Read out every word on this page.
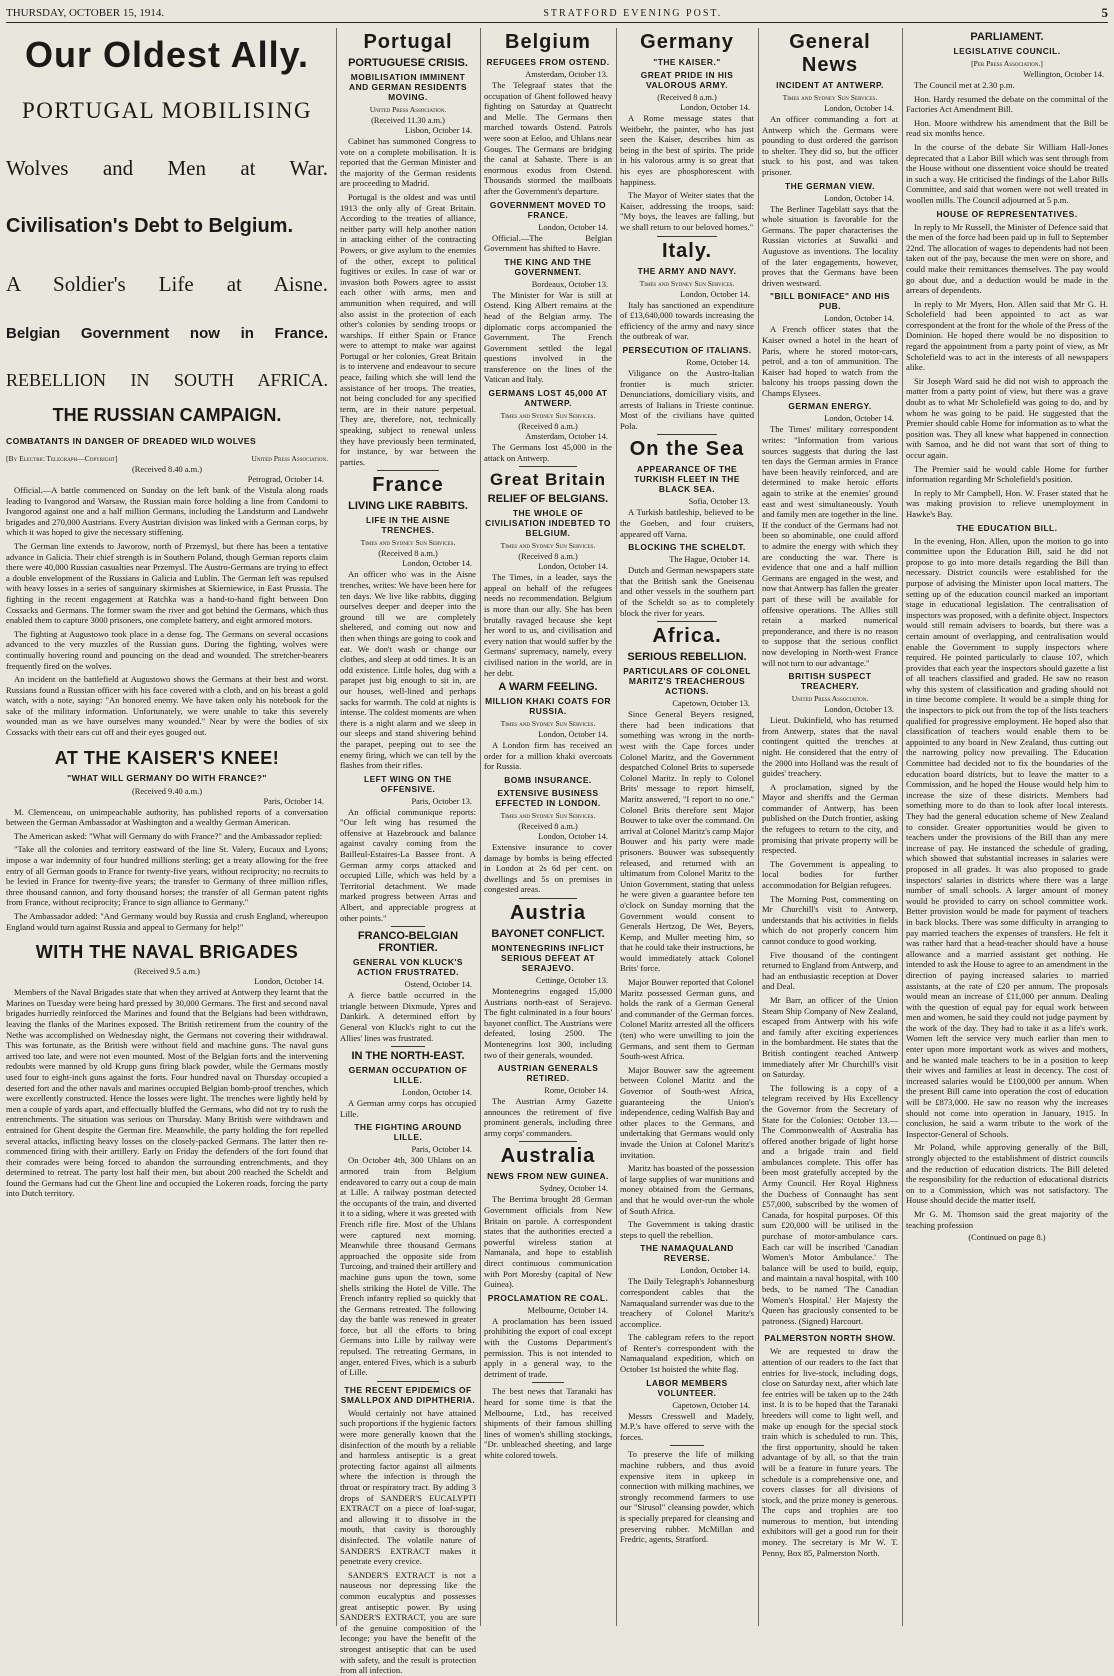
THURSDAY, OCTOBER 15, 1914.	STRATFORD EVENING POST.	5

Our Oldest Ally.

PORTUGAL MOBILISING

Wolves and Men at War.

Civilisation's Debt to Belgium.

A Soldier's Life at Aisne.

Belgian Government now in France.

REBELLION IN SOUTH AFRICA.

THE RUSSIAN CAMPAIGN.

COMBATANTS IN DANGER OF DREADED WILD WOLVES
[By Electric Telegraph—Copyright]	United Press Association.
(Received 8.40 a.m.)
Petrograd, October 14.

Official.—A battle commenced on Sunday on the left bank of the Vistula along roads leading to Ivangorod and Warsaw, the Russian main force holding a line from Candomi to Ivangorod against one and a half million Germans, including the Landsturm and Landwehr brigades and 270,000 Austrians. Every Austrian division was linked with a German corps, by which it was hoped to give the necessary stiffening.

The German line extends to Jaworow, north of Przemysl, but there has been a tentative advance in Galicia. Their chief strength is in Southern Poland, though German reports claim there were 40,000 Russian casualties near Przemysl. The Austro-Germans are trying to effect a double envelopment of the Russians in Galicia and Lublin. The German left was repulsed with heavy losses in a series of sanguinary skirmishes at Skierniewice, in East Prussia. The fighting in the recent engagement at Ratchka was a hand-to-hand fight between Don Cossacks and Germans. The former swam the river and got behind the Germans, which thus enabled them to capture 3000 prisoners, one complete battery, and eight armored motors.

The fighting at Augustowo took place in a dense fog. The Germans on several occasions advanced to the very muzzles of the Russian guns. During the fighting, wolves were continually hovering round and pouncing on the dead and wounded. The stretcher-bearers frequently fired on the wolves.

An incident on the battlefield at Augustowo shows the Germans at their best and worst. Russians found a Russian officer with his face covered with a cloth, and on his breast a gold watch, with a note, saying: "An honored enemy. We have taken only his notebook for the sake of the military information. Unfortunately, we were unable to take this severely wounded man as we have ourselves many wounded." Near by were the bodies of six Cossacks with their ears cut off and their eyes gouged out.

AT THE KAISER'S KNEE!
"WHAT WILL GERMANY DO WITH FRANCE?"
(Received 9.40 a.m.)
Paris, October 14.

M. Clemenceau, on unimpeachable authority, has published reports of a conversation between the German Ambassador at Washington and a wealthy German American.

The American asked: "What will Germany do with France?" and the Ambassador replied:

"Take all the colonies and territory eastward of the line St. Valery, Eucaux and Lyons; impose a war indemnity of four hundred millions sterling; get a treaty allowing for the free entry of all German goods to France for twenty-five years, without reciprocity; no recruits to be levied in France for twenty-five years; the transfer to Germany of three million rifles, three thousand cannon, and forty thousand horses; the transfer of all German patent rights from France, without reciprocity; France to sign alliance to Germany."

The Ambassador added: "And Germany would buy Russia and crush England, whereupon England would turn against Russia and appeal to Germany for help!"

WITH THE NAVAL BRIGADES
(Received 9.5 a.m.)
London, October 14.

Members of the Naval Brigades state that when they arrived at Antwerp they learnt that the Marines on Tuesday were being hard pressed by 30,000 Germans. The first and second naval brigades hurriedly reinforced the Marines and found that the Belgians had been withdrawn, leaving the flanks of the Marines exposed. The British retirement from the country of the Nethe was accomplished on Wednesday night, the Germans not covering their withdrawal. This was fortunate, as the British were without field and machine guns. The naval guns arrived too late, and were not even mounted. Most of the Belgian forts and the intervening redoubts were manned by old Krupp guns firing black powder, while the Germans mostly used four to eight-inch guns against the forts. Four hundred naval on Thursday occupied a deserted fort and the other navals and marines occupied Belgian bomb-proof trenches, which were excellently constructed. Hence the losses were light. The trenches were lightly held by men a couple of yards apart, and effectually bluffed the Germans, who did not try to rush the entrenchments. The situation was serious on Thursday. Many British were withdrawn and entrained for Ghent despite the German fire. Meanwhile, the party holding the fort repelled several attacks, inflicting heavy losses on the closely-packed Germans. The latter then re-commenced firing with their artillery. Early on Friday the defenders of the fort found that their comrades were being forced to abandon the surrounding entrenchments, and they determined to retreat. The party lost half their men, but about 200 reached the Scheldt and found the Germans had cut the Ghent line and occupied the Lokeren roads, forcing the party into Dutch territory.

Portugal
PORTUGUESE CRISIS.
MOBILISATION IMMINENT AND GERMAN RESIDENTS MOVING.
United Press Association.
(Received 11.30 a.m.)
Lisbon, October 14.

Cabinet has summoned Congress to vote on a complete mobilisation. It is reported that the German Minister and the majority of the German residents are proceeding to Madrid.

Portugal is the oldest and was until 1913 the only ally of Great Britain. According to the treaties of alliance, neither party will help another nation in attacking either of the contracting Powers, or give asylum to the enemies of the other, except to political fugitives or exiles. In case of war or invasion both Powers agree to assist each other with arms, men and ammunition when required, and will also assist in the protection of each other's colonies by sending troops or warships. If either Spain or France were to attempt to make war against Portugal or her colonies, Great Britain is to intervene and endeavour to secure peace, failing which she will lend the assistance of her troops. The treaties, not being concluded for any specified term, are in their nature perpetual. They are, therefore, not, technically speaking, subject to renewal unless they have previously been terminated, for instance, by war between the parties.

France
LIVING LIKE RABBITS.
LIFE IN THE AISNE TRENCHES.
Times and Sydney Sun Services.
(Received 8 a.m.)
London, October 14.

An officer who was in the Aisne trenches, writes: We have been here for ten days. We live like rabbits, digging ourselves deeper and deeper into the ground till we are completely sheltered, and coming out now and then when things are going to cook and eat. We don't wash or change our clothes, and sleep at odd times. It is an odd existence. Little holes, dug with a parapet just big enough to sit in, are our houses, well-lined and perhaps sacks for warmth. The cold at nights is intense. The coldest moments are when there is a night alarm and we sleep in our sleeps and stand shivering behind the parapet, peeping out to see the enemy firing, which we can tell by the flashes from their rifles.

LEFT WING ON THE OFFENSIVE.
Paris, October 13.

An official communique reports: "Our left wing has resumed the offensive at Hazebrouck and balance against cavalry coming from the Bailleul-Estaires-La Bassee front. A German army corps attacked and occupied Lille, which was held by a Territorial detachment. We made marked progress between Arras and Albert, and appreciable progress at other points."

FRANCO-BELGIAN FRONTIER.
GENERAL VON KLUCK'S ACTION FRUSTRATED.
Ostend, October 14.

A fierce battle occurred in the triangle between Dixmude, Ypres and Dankirk. A determined effort by General von Kluck's right to cut the Allies' lines was frustrated.

IN THE NORTH-EAST.
GERMAN OCCUPATION OF LILLE.
London, October 14.

A German army corps has occupied Lille.

THE FIGHTING AROUND LILLE.
Paris, October 14.

On October 4th, 300 Uhlans on an armored train from Belgium endeavored to carry out a coup de main at Lille. A railway postman detected the occupants of the train, and diverted it to a siding, where it was greeted with French rifle fire. Most of the Uhlans were captured next morning. Meanwhile three thousand Germans approached the opposite side from Turcoing, and trained their artillery and machine guns upon the town, some shells striking the Hotel de Ville. The French infantry replied so quickly that the Germans retreated. The following day the battle was renewed in greater force, but all the efforts to bring Germans into Lille by railway were repulsed. The retreating Germans, in anger, entered Fives, which is a suburb of Lille.

THE RECENT EPIDEMICS OF SMALLPOX AND DIPHTHERIA.

Would certainly not have attained such proportions if the hygienic factors were more generally known that the disinfection of the mouth by a reliable and harmless antiseptic is a great protecting factor against all ailments where the infection is through the throat or respiratory tract. By adding 3 drops of SANDER'S EUCALYPTI EXTRACT on a piece of loaf-sugar, and allowing it to dissolve in the mouth, that cavity is thoroughly disinfected. The volatile nature of SANDER'S EXTRACT makes it penetrate every crevice.

SANDER'S EXTRACT is not a nauseous nor depressing like the common eucalyptus and possesses great antiseptic power. By using SANDER'S EXTRACT, you are sure of the genuine composition of the Ieconge; you have the benefit of the strongest antiseptic that can be used with safety, and the result is protection from all infection.

Belgium
REFUGEES FROM OSTEND.
Amsterdam, October 13.

The Telegraaf states that the occupation of Ghent followed heavy fighting on Saturday at Quatrecht and Melle. The Germans then marched towards Ostend. Patrols were soon at Eeloo, and Uhlans near Gouges. The Germans are bridging the canal at Sabaste. There is an enormous exodus from Ostend. Thousands stormed the mailboats after the Government's departure.

GOVERNMENT MOVED TO FRANCE.
London, October 14.

Official.—The Belgian Government has shifted to Havre.

THE KING AND THE GOVERNMENT.
Bordeaux, October 13.

The Minister for War is still at Ostend. King Albert remains at the head of the Belgian army. The diplomatic corps accompanied the Government. The French Government settled the legal questions involved in the transference on the lines of the Vatican and Italy.

GERMANS LOST 45,000 AT ANTWERP.
Times and Sydney Sun Services.
(Received 8 a.m.)
Amsterdam, October 14.

The Germans lost 45,000 in the attack on Antwerp.

Great Britain
RELIEF OF BELGIANS.
THE WHOLE OF CIVILISATION INDEBTED TO BELGIUM.
Times and Sydney Sun Services.
(Received 8 a.m.)
London, October 14.

The Times, in a leader, says the appeal on behalf of the refugees needs no recommendation. Belgium is more than our ally. She has been brutally ravaged because she kept her word to us, and civilisation and every nation that would suffer by the Germans' supremacy, namely, every civilised nation in the world, are in her debt.

A WARM FEELING.
MILLION KHAKI COATS FOR RUSSIA.
Times and Sydney Sun Services.
London, October 14.

A London firm has received an order for a million khaki overcoats for Russia.

BOMB INSURANCE.
EXTENSIVE BUSINESS EFFECTED IN LONDON.
Times and Sydney Sun Services.
(Received 8 a.m.)
London, October 14.

Extensive insurance to cover damage by bombs is being effected in London at 2s 6d per cent. on dwellings and 5s on premises in congested areas.

Austria
BAYONET CONFLICT.
MONTENEGRINS INFLICT SERIOUS DEFEAT AT SERAJEVO.
Cettinge, October 13.

Montenegrins engaged 15,000 Austrians north-east of Serajevo. The fight culminated in a four hours' bayonet conflict. The Austrians were defeated, losing 2500. The Montenegrins lost 300, including two of their generals, wounded.

AUSTRIAN GENERALS RETIRED.
Rome, October 14.

The Austrian Army Gazette announces the retirement of five prominent generals, including three army corps' commanders.

Australia
NEWS FROM NEW GUINEA.
Sydney, October 14.

The Berrima brought 28 German Government officials from New Britain on parole. A correspondent states that the authorities erected a powerful wireless station at Namanala, and hope to establish direct continuous communication with Port Moresby (capital of New Guinea).

PROCLAMATION RE COAL.
Melbourne, October 14.

A proclamation has been issued prohibiting the export of coal except with the Customs Department's permission. This is not intended to apply in a general way, to the detriment of trade.

The best news that Taranaki has heard for some time is that the Melbourne, Ltd., has received shipments of their famous shilling lines of women's shilling stockings, "Dr. unbleached sheeting, and large white colored towels.

Germany
"THE KAISER."
GREAT PRIDE IN HIS VALOROUS ARMY.
(Received 8 a.m.)
London, October 14.

A Rome message states that Weitbehr, the painter, who has just seen the Kaiser, describes him as being in the best of spirits. The pride in his valorous army is so great that his eyes are phosphorescent with happiness.

The Mayor of Weiter states that the Kaiser, addressing the troops, said: "My boys, the leaves are falling, but we shall return to our beloved homes."

Italy.
THE ARMY AND NAVY.
Times and Sydney Sun Services.
London, October 14.

Italy has sanctioned an expenditure of £13,640,000 towards increasing the efficiency of the army and navy since the outbreak of war.

PERSECUTION OF ITALIANS.
Rome, October 14.

Viligance on the Austro-Italian frontier is much stricter. Denunciations, domiciliary visits, and arrests of Italians in Trieste continue. Most of the civilians have quitted Pola.

On the Sea
APPEARANCE OF THE TURKISH FLEET IN THE BLACK SEA.
Sofia, October 13.

A Turkish battleship, believed to be the Goeben, and four cruisers, appeared off Varna.

BLOCKING THE SCHELDT.
The Hague, October 14.

Dutch and German newspapers state that the British sank the Gneisenau and other vessels in the southern part of the Scheldt so as to completely block the river for years.

Africa.
SERIOUS REBELLION.
PARTICULARS OF COLONEL MARITZ'S TREACHEROUS ACTIONS.
Capetown, October 13.

Since General Beyers resigned, there had been indications that something was wrong in the north-west with the Cape forces under Colonel Maritz, and the Government despatched Colonel Brits to supersede Colonel Maritz. In reply to Colonel Brits' message to report himself, Maritz answered, "I report to no one." Colonel Brits therefore sent Major Bouwer to take over the command. On arrival at Colonel Maritz's camp Major Bouwer and his party were made prisoners. Bouwer was subsequently released, and returned with an ultimatum from Colonel Maritz to the Union Government, stating that unless he were given a guarantee before ten o'clock on Sunday morning that the Government would consent to Generals Hertzog, De Wet, Beyers, Kemp, and Muller meeting him, so that he could take their instructions, he would immediately attack Colonel Brits' force.

Major Bouwer reported that Colonel Maritz possessed German guns, and holds the rank of a German General and commander of the German forces. Colonel Maritz arrested all the officers (ten) who were unwilling to join the Germans, and sent them to German South-west Africa.

Major Bouwer saw the agreement between Colonel Maritz and the Governor of South-west Africa, guaranteeing the Union's independence, ceding Walfish Bay and other places to the Germans, and undertaking that Germans would only invade the Union at Colonel Maritz's invitation.

Maritz has boasted of the possession of large supplies of war munitions and money obtained from the Germans, and that he would over-run the whole of South Africa.

The Government is taking drastic steps to quell the rebellion.

THE NAMAQUALAND REVERSE.
London, October 14.

The Daily Telegraph's Johannesburg correspondent cables that the Namaqualand surrender was due to the treachery of Colonel Maritz's accomplice.

The cablegram refers to the report of Renter's correspondent with the Namaqualand expedition, which on October 1st hoisted the white flag.

LABOR MEMBERS VOLUNTEER.
Capetown, October 14.

Messrs Cresswell and Madely, M.P.'s have offered to serve with the forces.

To preserve the life of milking machine rubbers, and thus avoid expensive item in upkeep in connection with milking machines, we strongly recommend farmers to use our "Sirusol" cleansing powder, which is specially prepared for cleansing and preserving rubber. McMillan and Fredric, agents, Stratford.

General News
INCIDENT AT ANTWERP.
Times and Sydney Sun Services.
London, October 14.

An officer commanding a fort at Antwerp which the Germans were pounding to dust ordered the garrison to shelter. They did so, but the officer stuck to his post, and was taken prisoner.

THE GERMAN VIEW.
London, October 14.

The Berliner Tageblatt says that the whole situation is favorable for the Germans. The paper characterises the Russian victories at Suwalki and Augustove as inventions. The locality of the later engagements, however, proves that the Germans have been driven westward.

"BILL BONIFACE" AND HIS PUB.
London, October 14.

A French officer states that the Kaiser owned a hotel in the heart of Paris, where he stored motor-cars, petrol, and a ton of ammunition. The Kaiser had hoped to watch from the balcony his troops passing down the Champs Elysees.

GERMAN ENERGY.
London, October 14.

The Times' military correspondent writes: "Information from various sources suggests that during the last ten days the German armies in France have been heavily reinforced, and are determined to make heroic efforts again to strike at the enemies' ground east and west simultaneously. Youth and family men are together in the line. If the conduct of the Germans had not been so abominable, one could afford to admire the energy with which they are conducting the war. There is evidence that one and a half million Germans are engaged in the west, and now that Antwerp has fallen the greater part of these will be available for offensive operations. The Allies still retain a marked numerical preponderance, and there is no reason to suppose that the serious conflict now developing in North-west France will not turn to our advantage."

BRITISH SUSPECT TREACHERY.
United Press Association.
London, October 13.

Lieut. Dukinfield, who has returned from Antwerp, states that the naval contingent quitted the trenches at night. He considered that the entry of the 2000 into Holland was the result of guides' treachery.

A proclamation, signed by the Mayor and sheriffs and the German commander of Antwerp, has been published on the Dutch frontier, asking the refugees to return to the city, and promising that private property will be respected.

The Government is appealing to local bodies for further accommodation for Belgian refugees.

The Morning Post, commenting on Mr Churchill's visit to Antwerp, understands that his activities in fields which do not properly concern him cannot conduce to good working.

Five thousand of the contingent returned to England from Antwerp, and had an enthusiastic reception at Dover and Deal.

Mr Barr, an officer of the Union Steam Ship Company of New Zealand, escaped from Antwerp with his wife and family after exciting experiences in the bombardment. He states that the British contingent reached Antwerp immediately after Mr Churchill's visit on Saturday.

The following is a copy of a telegram received by His Excellency the Governor from the Secretary of State for the Colonies: October 13.—The Commonwealth of Australia has offered another brigade of light horse and a brigade train and field ambulances complete. This offer has been most gratefully accepted by the Army Council. Her Royal Highness the Duchess of Connaught has sent £57,000, subscribed by the women of Canada, for hospital purposes. Of this sum £20,000 will be utilised in the purchase of motor-ambulance cars. Each car will be inscribed 'Canadian Women's Motor Ambulance.' The balance will be used to build, equip, and maintain a naval hospital, with 100 beds, to be named 'The Canadian Women's Hospital.' Her Majesty the Queen has graciously consented to be patroness. (Signed) Harcourt.

PALMERSTON NORTH SHOW.

We are requested to draw the attention of our readers to the fact that entries for live-stock, including dogs, close on Saturday next, after which late fee entries will be taken up to the 24th inst. It is to be hoped that the Taranaki breeders will come to light well, and make up enough for the special stock train which is scheduled to run. This, the first opportunity, should be taken advantage of by all, so that the train will be a feature in future years. The schedule is a comprehensive one, and covers classes for all divisions of stock, and the prize money is generous. The cups and trophies are too numerous to mention, but intending exhibitors will get a good run for their money. The secretary is Mr W. T. Penny, Box 85, Palmerston North.

PARLIAMENT.
LEGISLATIVE COUNCIL.
[Per Press Association.]
Wellington, October 14.

The Council met at 2.30 p.m.

Hon. Hardy resumed the debate on the committal of the Factories Act Amendment Bill.

Hon. Moore withdrew his amendment that the Bill be read six months hence.

In the course of the debate Sir William Hall-Jones deprecated that a Labor Bill which was sent through from the House without one dissentient voice should be treated in such a way. He criticised the findings of the Labor Bills Committee, and said that women were not well treated in woollen mills. The Council adjourned at 5 p.m.

HOUSE OF REPRESENTATIVES.

In reply to Mr Russell, the Minister of Defence said that the men of the force had been paid up in full to September 22nd. The allocation of wages to dependents had not been taken out of the pay, because the men were on shore, and could make their remittances themselves. The pay would go about due, and a deduction would be made in the arrears of dependents.

In reply to Mr Myers, Hon. Allen said that Mr G. H. Scholefield had been appointed to act as war correspondent at the front for the whole of the Press of the Dominion. He hoped there would be no disposition to regard the appointment from a party point of view, as Mr Scholefield was to act in the interests of all newspapers alike.

Sir Joseph Ward said he did not wish to approach the matter from a party point of view, but there was a grave doubt as to what Mr Scholefield was going to do, and by whom he was going to be paid. He suggested that the Premier should cable Home for information as to what the position was. They all knew what happened in connection with Samoa, and he did not want that sort of thing to occur again.

The Premier said he would cable Home for further information regarding Mr Scholefield's position.

In reply to Mr Campbell, Hon. W. Fraser stated that he was making provision to relieve unemployment in Hawke's Bay.

THE EDUCATION BILL.

In the evening, Hon. Allen, upon the motion to go into committee upon the Education Bill, said he did not propose to go into more details regarding the Bill than necessary. District councils were established for the purpose of advising the Minister upon local matters. The setting up of the education council marked an important stage in educational legislation. The centralisation of inspectors was proposed, with a definite object. Inspectors would still remain advisers to boards, but there was a certain amount of overlapping, and centralisation would enable the Government to supply inspectors where required. He pointed particularly to clause 107, which provides that each year the inspectors should gazette a list of all teachers classified and graded. He saw no reason why this system of classification and grading should not in time become complete. It would be a simple thing for the inspectors to pick out from the top of the lists teachers qualified for progressive employment. He hoped also that classification of teachers would enable them to be appointed to any board in New Zealand, thus cutting out the narrowing policy now prevailing. The Education Committee had decided not to fix the boundaries of the education board districts, but to leave the matter to a Commission, and he hoped the House would help him to increase the size of these districts. Members had something more to do than to look after local interests. They had the general education scheme of New Zealand to consider. Greater opportunities would be given to teachers under the provisions of the Bill than any mere increase of pay. He instanced the schedule of grading, which showed that substantial increases in salaries were proposed in all grades. It was also proposed to grade inspectors' salaries in districts where there was a large number of small schools. A larger amount of money would be provided to carry on school committee work. Better provision would be made for payment of teachers in back blocks. There was some difficulty in arranging to pay married teachers the expenses of transfers. He felt it was rather hard that a head-teacher should have a house allowance and a married assistant get nothing. He intended to ask the House to agree to an amendment in the direction of paying increased salaries to married assistants, at the rate of £20 per annum. The proposals would mean an increase of £11,000 per annum. Dealing with the question of equal pay for equal work between men and women, he said they could not judge payment by the work of the day. They had to take it as a life's work. Women left the service very much earlier than men to enter upon more important work as wives and mothers, and he wanted male teachers to be in a position to keep their wives and families at least in decency. The cost of increased salaries would be £100,000 per annum. When the present Bill came into operation the cost of education will be £873,000. He saw no reason why the increases should not come into operation in January, 1915. In conclusion, he said a warm tribute to the work of the Inspector-General of Schools.

Mr Poland, while approving generally of the Bill, strongly objected to the establishment of district councils and the reduction of education districts. The Bill deleted the responsibility for the reduction of educational districts on to a Commission, which was not satisfactory. The House should decide the matter itself.

Mr G. M. Thomson said the great majority of the teaching profession

(Continued on page 8.)
